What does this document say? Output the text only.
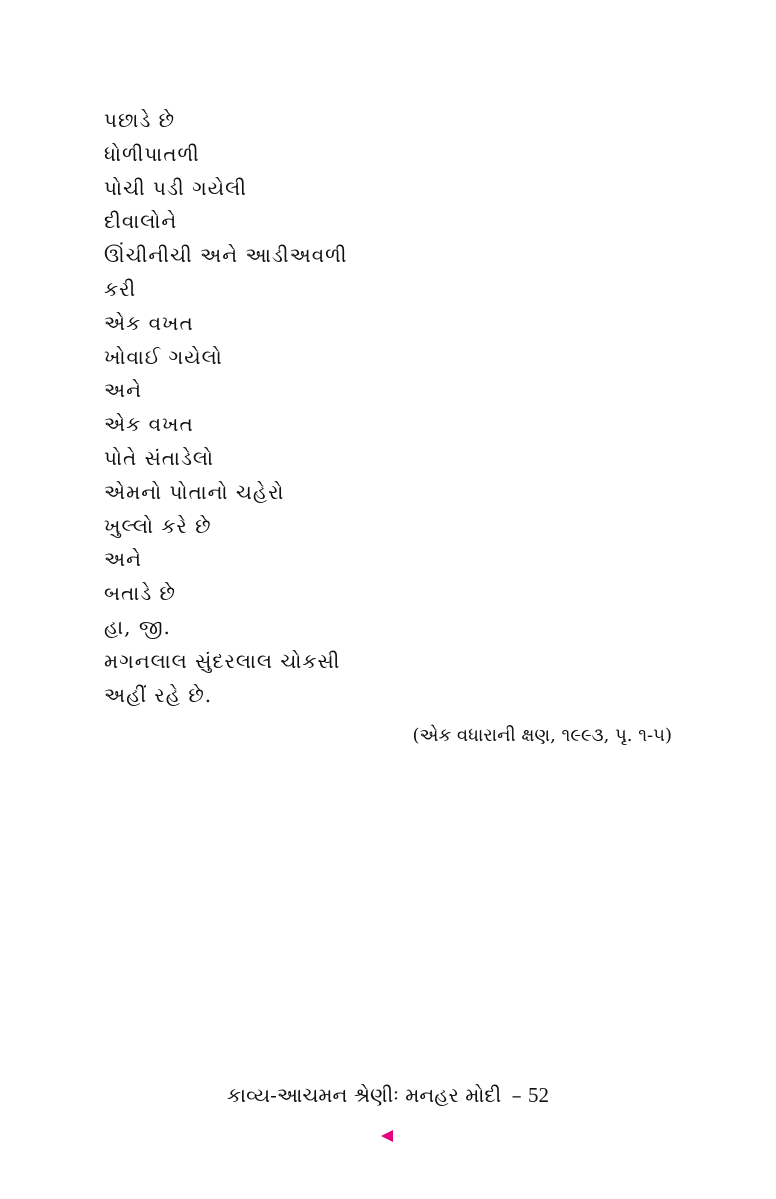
પછાડે છે
ધોળીપાતળી
પોચી પડી ગયેલી
દીવાલોને
ઊંચીનીચી અને આડીઅવળી
કરી
એક વખત
ખોવાઈ ગયેલો
અને
એક વખત
પોતે સંતાડેલો
એમનો પોતાનો ચહેરો
ખુલ્લો કરે છે
અને
બતાડે છે
હા, જી.
મગનલાલ સુંદરલાલ ચોકસી
અહીં રહે છે.
(એક વધારાની ક્ષણ, ૧૯૯૩, પૃ. ૧-૫)
કાવ્ય-આચમન શ્રેણીઃ મનહર મોદી – 52
